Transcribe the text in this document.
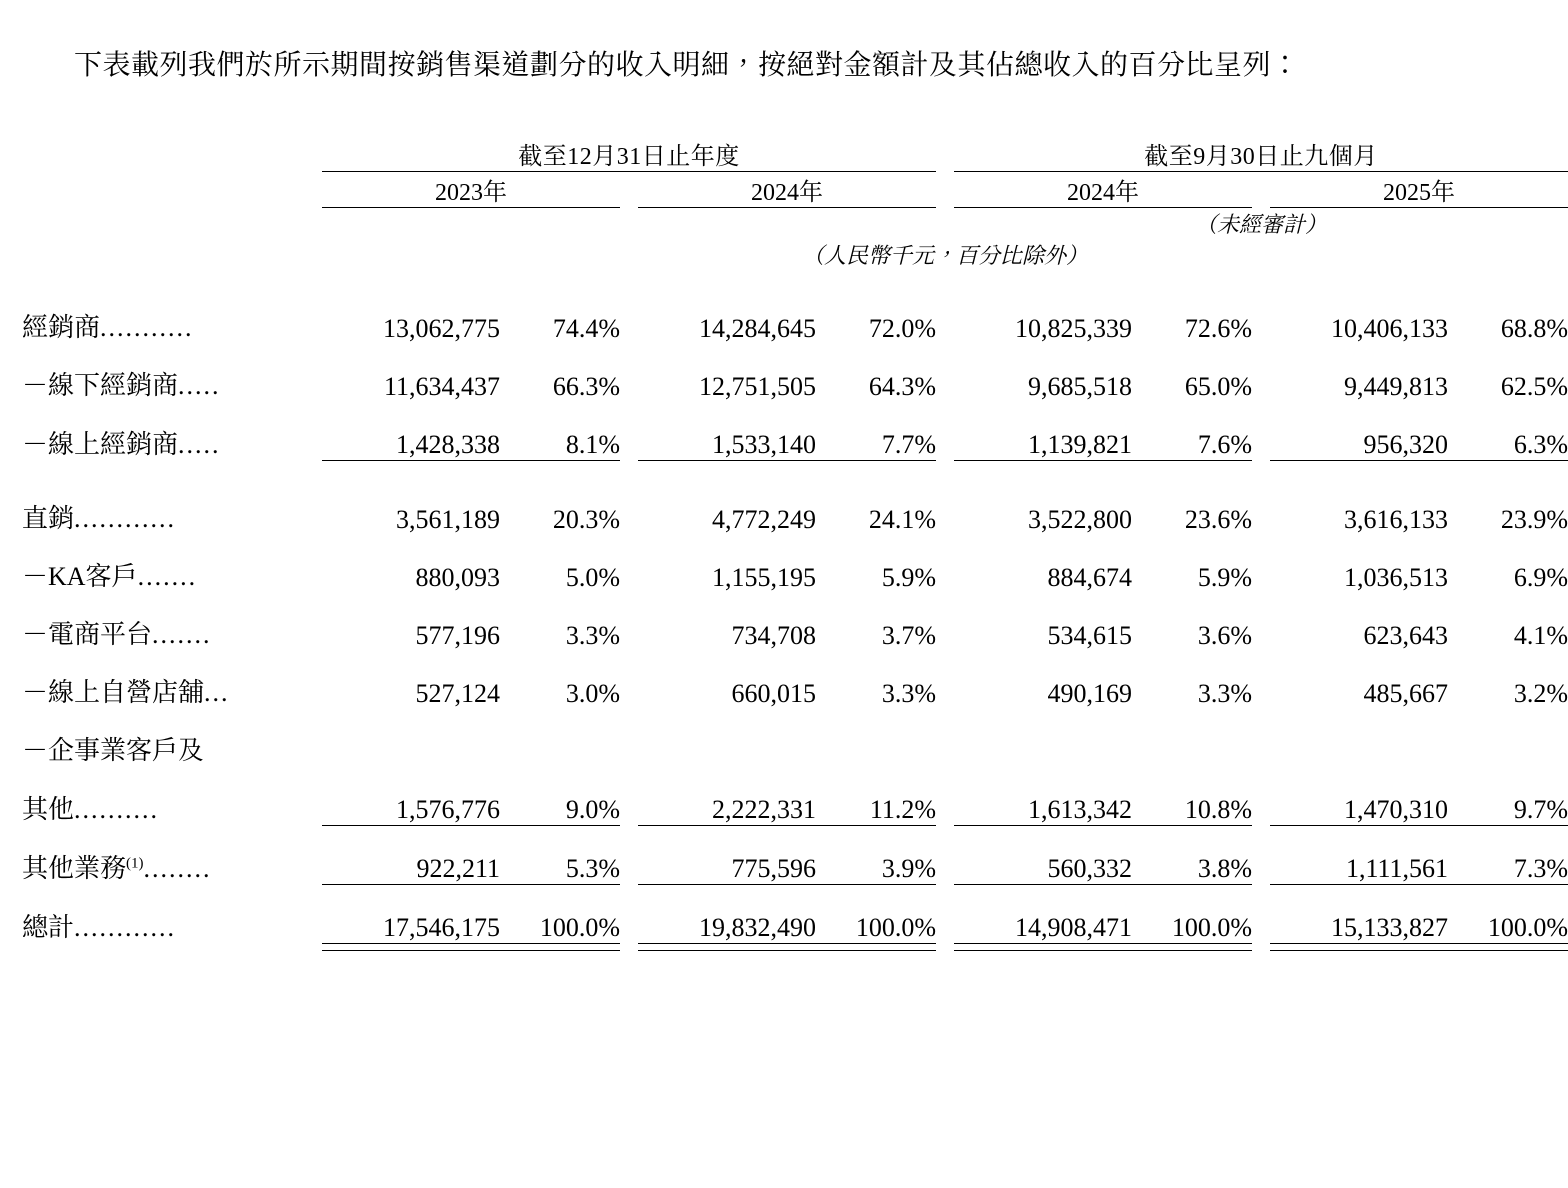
下表載列我們於所示期間按銷售渠道劃分的收入明細，按絕對金額計及其佔總收入的百分比呈列：

	截至12月31日止年度						截至9月30日止九個月				
	2023年			2024年			2024年			2025年	
							（未經審計）				
	（人民幣千元，百分比除外）										

經銷商...........	13,062,775	74.4%		14,284,645	72.0%		10,825,339	72.6%		10,406,133	68.8%
－線下經銷商.....	11,634,437	66.3%		12,751,505	64.3%		9,685,518	65.0%		9,449,813	62.5%
－線上經銷商.....	1,428,338	8.1%		1,533,140	7.7%		1,139,821	7.6%		956,320	6.3%

直銷............	3,561,189	20.3%		4,772,249	24.1%		3,522,800	23.6%		3,616,133	23.9%
－KA客戶.......	880,093	5.0%		1,155,195	5.9%		884,674	5.9%		1,036,513	6.9%
－電商平台.......	577,196	3.3%		734,708	3.7%		534,615	3.6%		623,643	4.1%
－線上自營店舖...	527,124	3.0%		660,015	3.3%		490,169	3.3%		485,667	3.2%
－企事業客戶及											
其他..........	1,576,776	9.0%		2,222,331	11.2%		1,613,342	10.8%		1,470,310	9.7%
其他業務$^{(1)}$........	922,211	5.3%		775,596	3.9%		560,332	3.8%		1,111,561	7.3%
總計............	17,546,175	100.0%		19,832,490	100.0%		14,908,471	100.0%		15,133,827	100.0%
